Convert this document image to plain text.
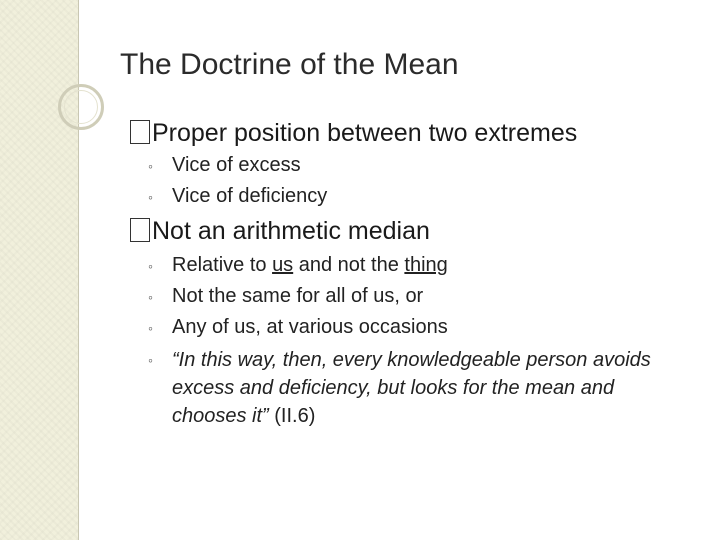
The Doctrine of the Mean
Proper position between two extremes
◦ Vice of excess
◦ Vice of deficiency
Not an arithmetic median
◦ Relative to us and not the thing
◦ Not the same for all of us, or
◦ Any of us, at various occasions
◦ “In this way, then, every knowledgeable person avoids excess and deficiency, but looks for the mean and chooses it” (II.6)
